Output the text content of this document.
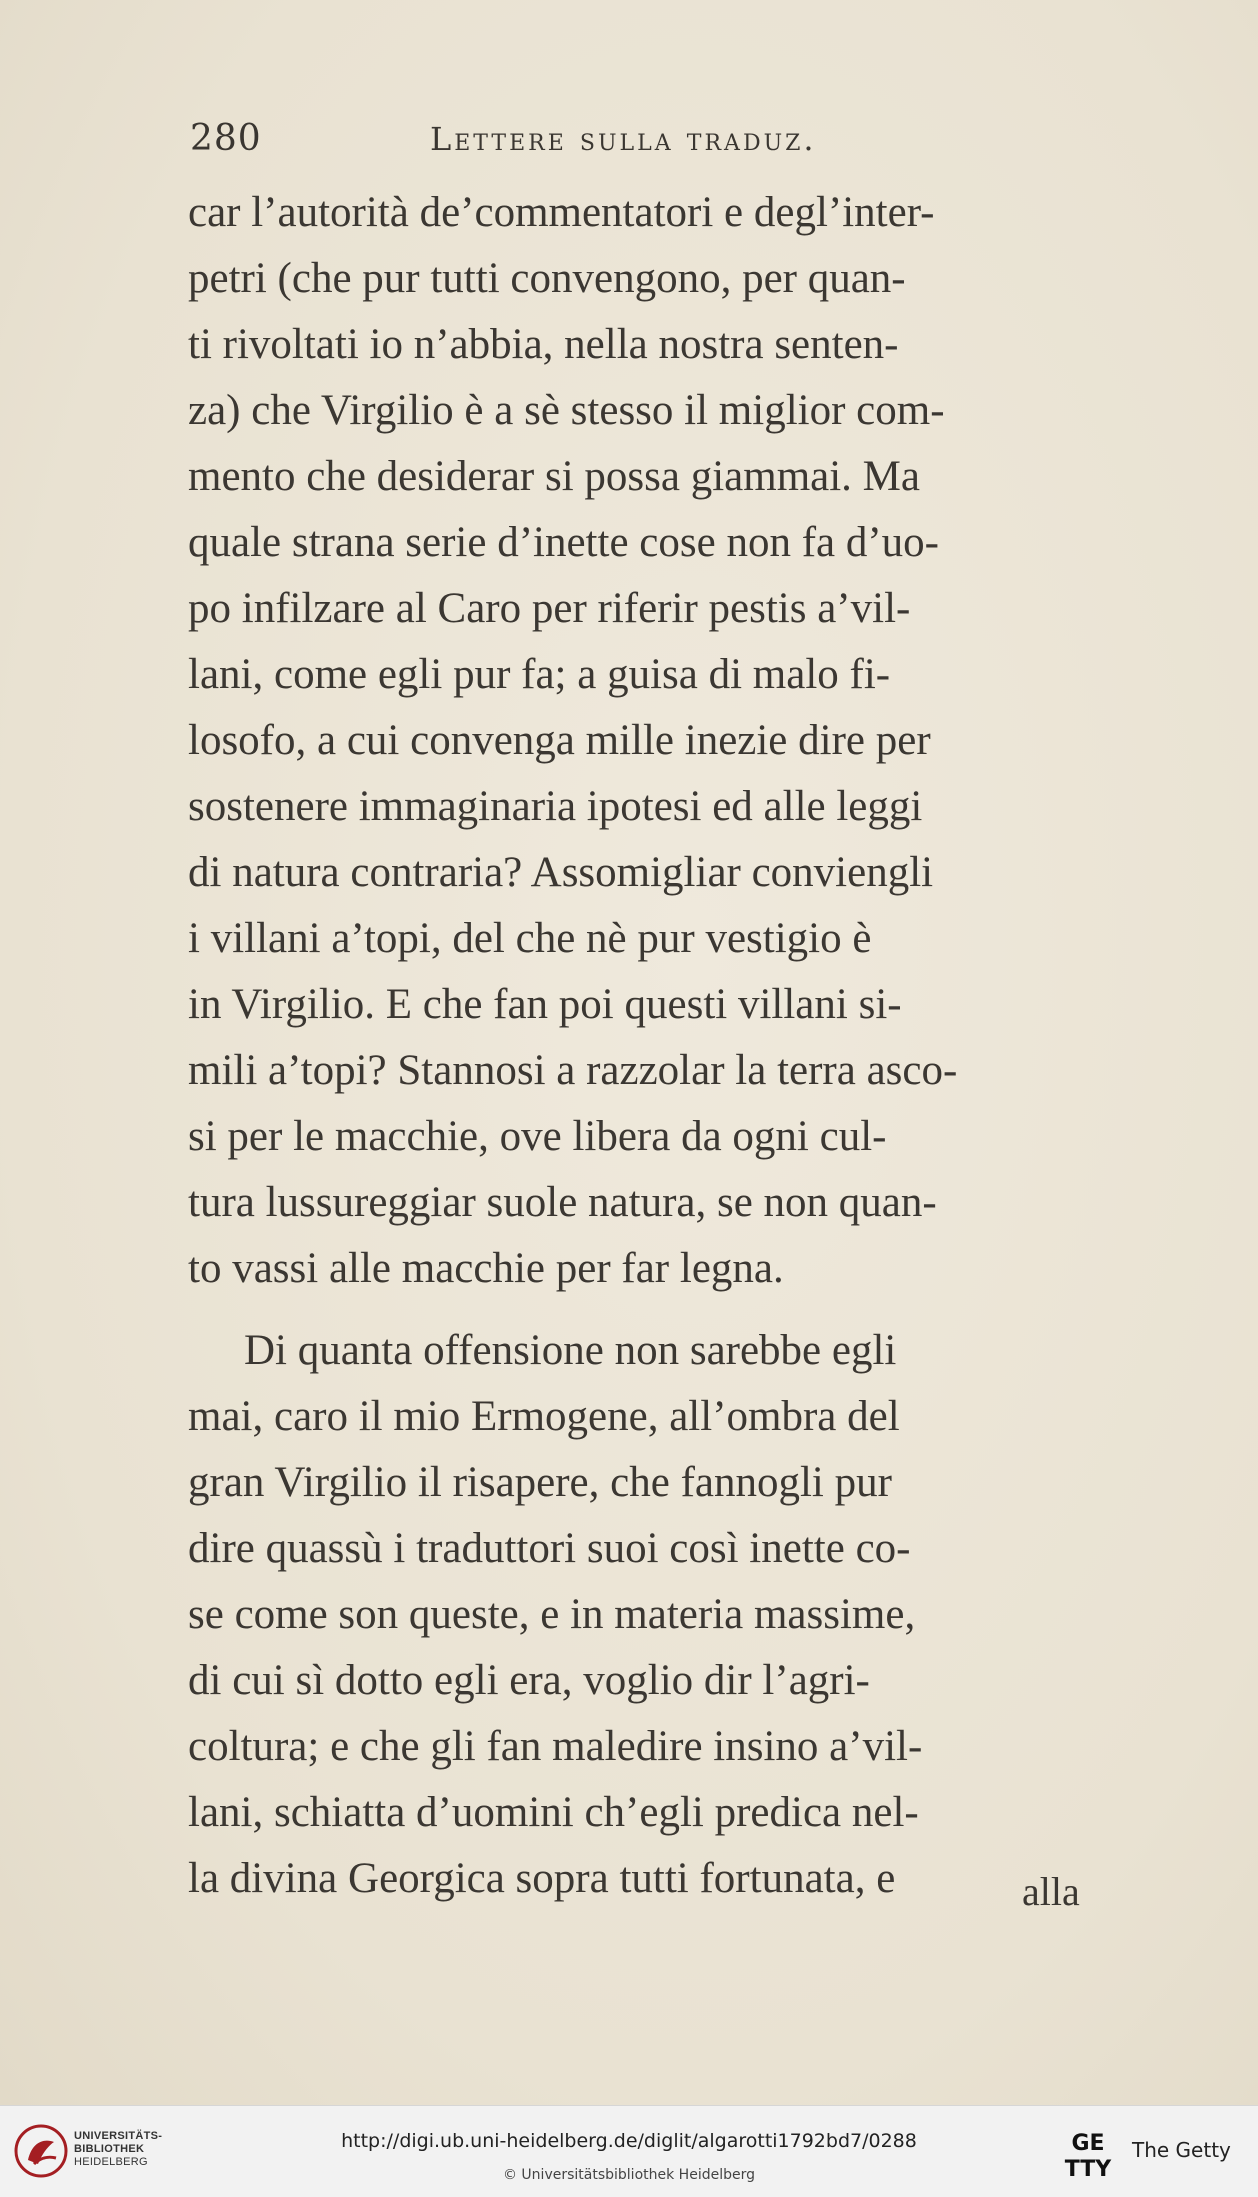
280	Lettere sulla traduz.
car l’autorità de’commentatori e degl’inter-
petri (che pur tutti convengono, per quan-
ti rivoltati io n’abbia, nella nostra senten-
za) che Virgilio è a sè stesso il miglior com-
mento che desiderar si possa giammai. Ma
quale strana serie d’inette cose non fa d’uo-
po infilzare al Caro per riferir pestis a’vil-
lani, come egli pur fa; a guisa di malo fi-
losofo, a cui convenga mille inezie dire per
sostenere immaginaria ipotesi ed alle leggi
di natura contraria? Assomigliar conviengli
i villani a’topi, del che nè pur vestigio è
in Virgilio. E che fan poi questi villani si-
mili a’topi? Stannosi a razzolar la terra asco-
si per le macchie, ove libera da ogni cul-
tura lussureggiar suole natura, se non quan-
to vassi alle macchie per far legna.
Di quanta offensione non sarebbe egli
mai, caro il mio Ermogene, all’ombra del
gran Virgilio il risapere, che fannogli pur
dire quassù i traduttori suoi così inette co-
se come son queste, e in materia massime,
di cui sì dotto egli era, voglio dir l’agri-
coltura; e che gli fan maledire insino a’vil-
lani, schiatta d’uomini ch’egli predica nel-
la divina Georgica sopra tutti fortunata, e	alla
UNIVERSITÄTS-
BIBLIOTHEK
HEIDELBERG
http://digi.ub.uni-heidelberg.de/diglit/algarotti1792bd7/0288
© Universitätsbibliothek Heidelberg
GE
TTY
The Getty
